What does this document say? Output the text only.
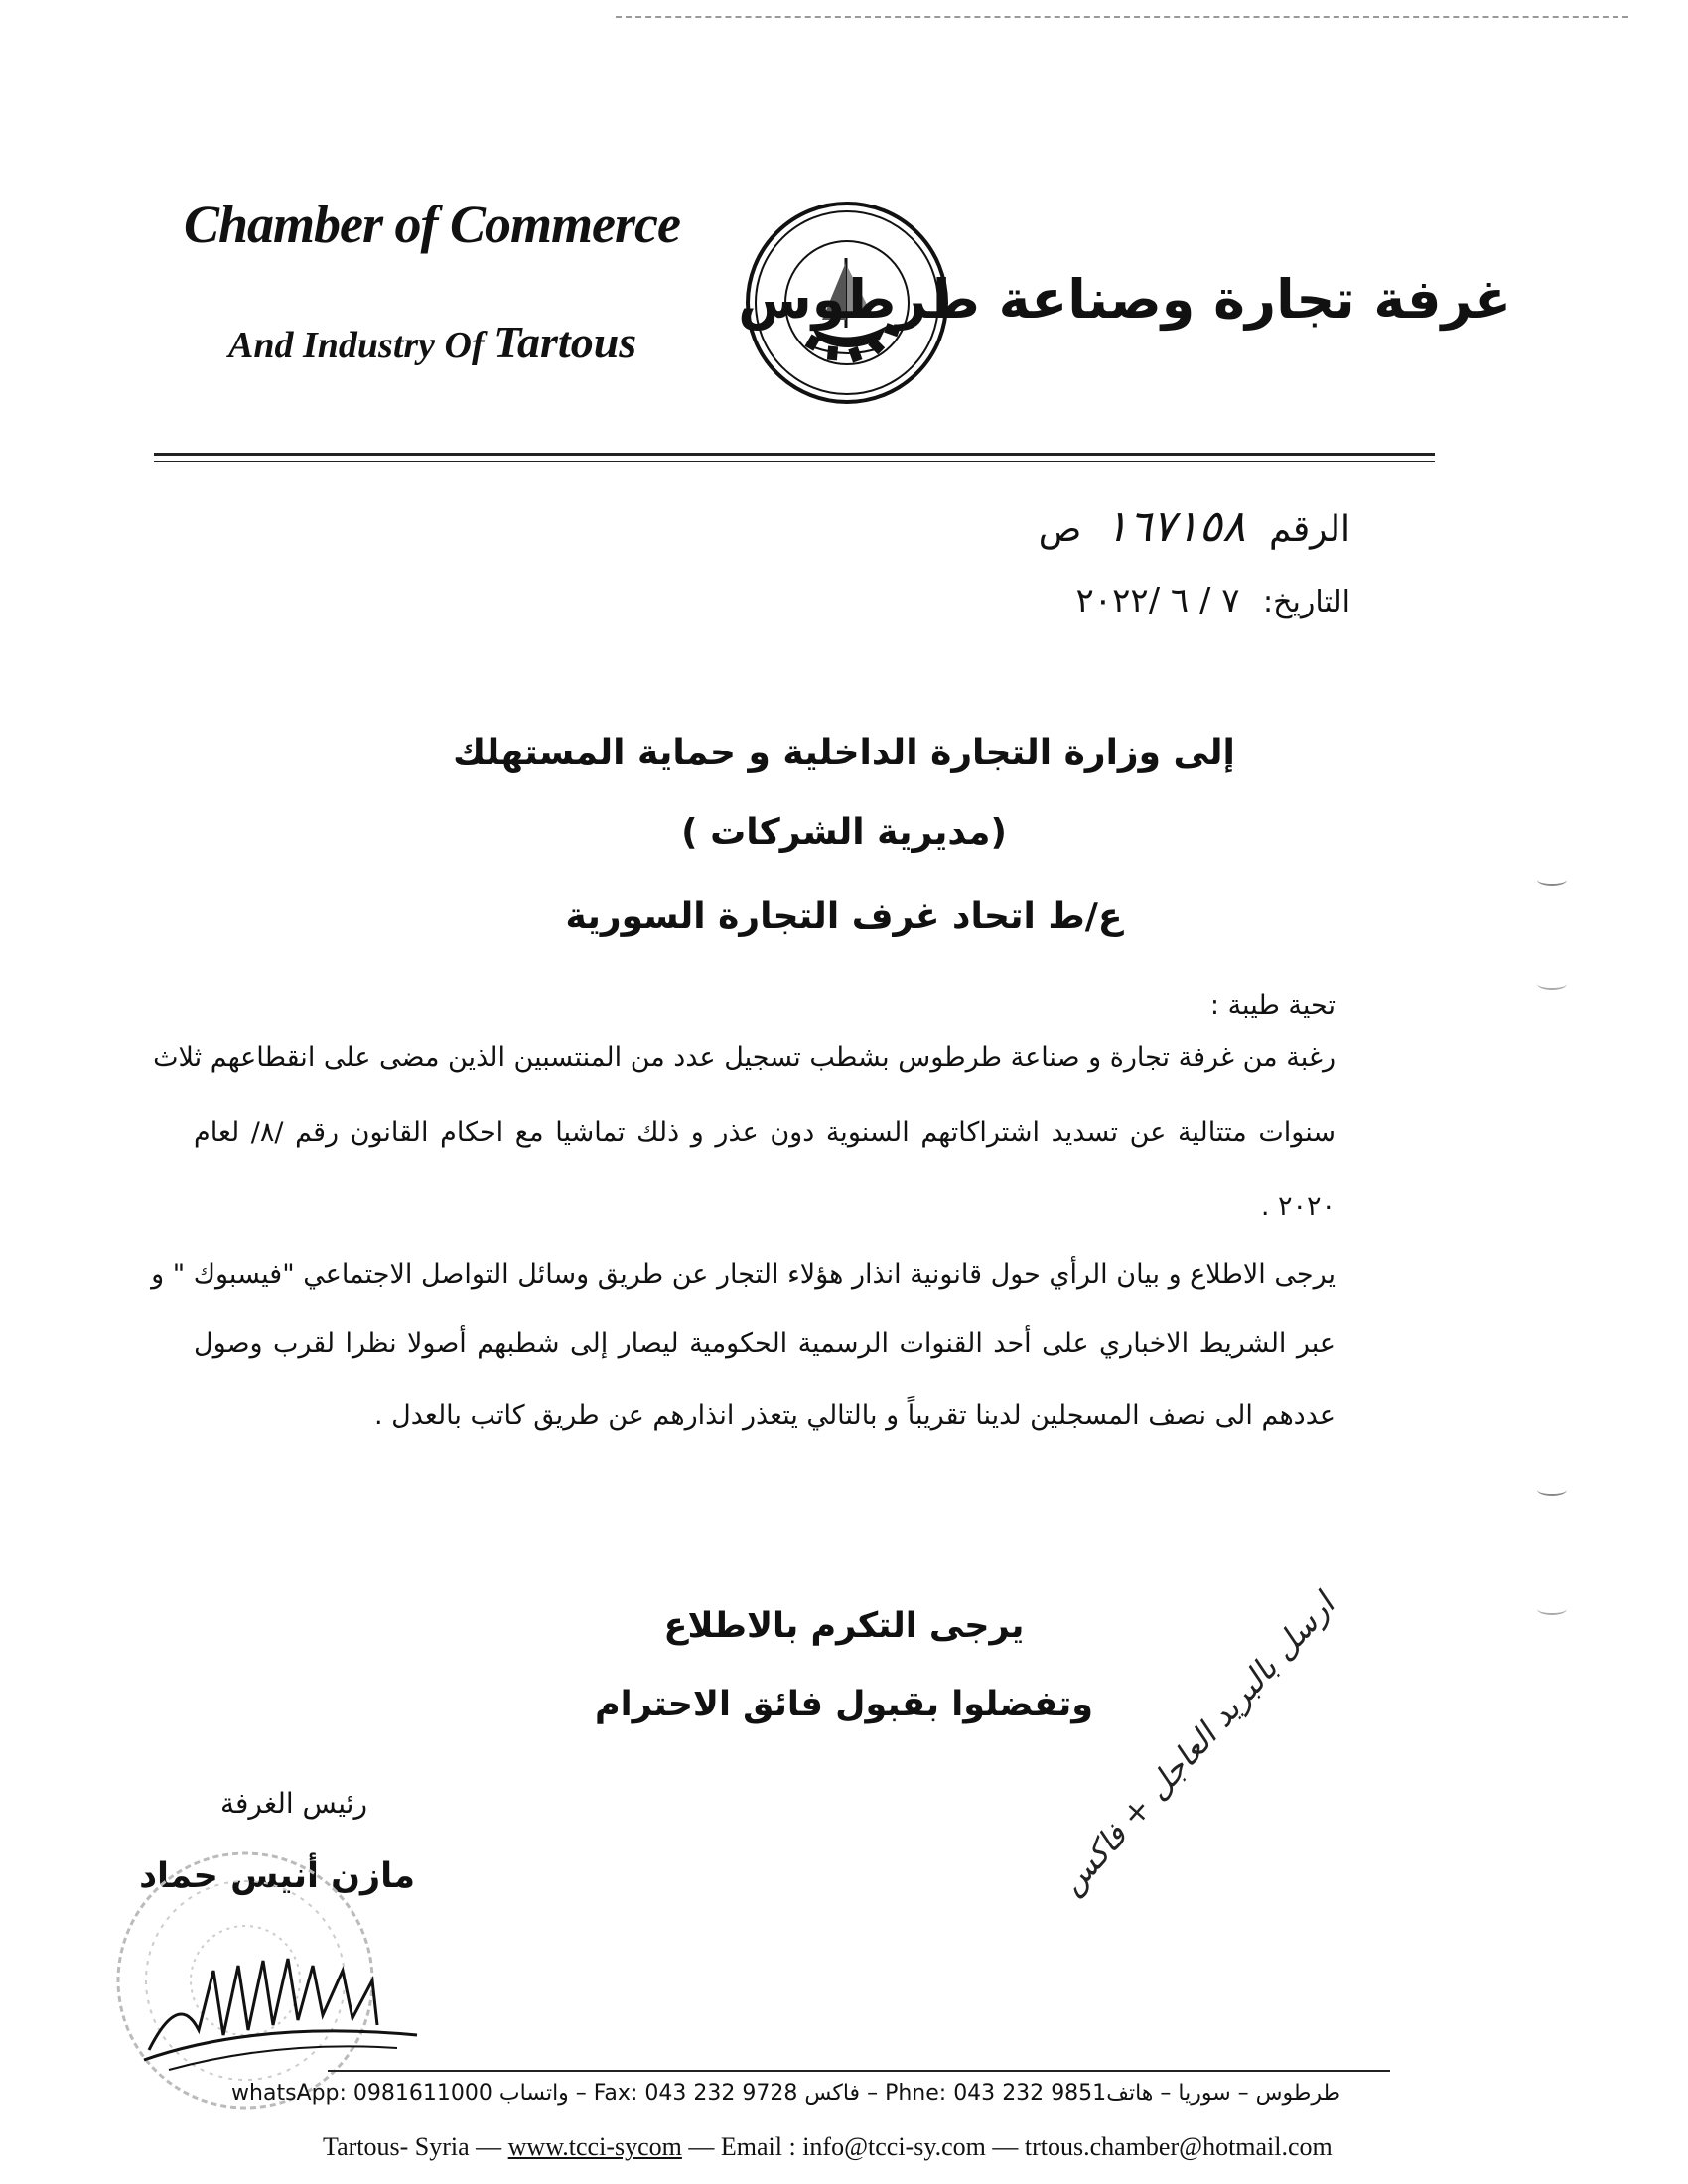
Chamber of Commerce
And Industry Of Tartous
غرفة تجارة وصناعة طرطوس
الرقم ١٦٧١٥٨ ص
التاريخ: ٧ / ٦ /٢٠٢٢
إلى وزارة التجارة الداخلية و حماية المستهلك
(مديرية الشركات )
ع/ط اتحاد غرف التجارة السورية
تحية طيبة :
رغبة من غرفة تجارة و صناعة طرطوس بشطب تسجيل عدد من المنتسبين الذين مضى على انقطاعهم ثلاث
سنوات متتالية عن تسديد اشتراكاتهم السنوية دون عذر و ذلك تماشيا مع احكام القانون رقم /٨/ لعام
٢٠٢٠ .
يرجى الاطلاع و بيان الرأي حول قانونية انذار هؤلاء التجار عن طريق وسائل التواصل الاجتماعي "فيسبوك " و
عبر الشريط الاخباري على أحد القنوات الرسمية الحكومية ليصار إلى شطبهم أصولا نظرا لقرب وصول
عددهم الى نصف المسجلين لدينا تقريباً و بالتالي يتعذر انذارهم عن طريق كاتب بالعدل .
يرجى التكرم بالاطلاع
وتفضلوا بقبول فائق الاحترام
رئيس الغرفة
مازن أنيس حماد	ارسل بالبريد العاجل + فاكس
طرطوس – سوريا – هاتف9851 232 043 :Phne – فاكس 9728 232 043 :Fax – واتساب whatsApp: 0981611000
Tartous- Syria — www.tcci-sycom — Email : info@tcci-sy.com — trtous.chamber@hotmail.com
